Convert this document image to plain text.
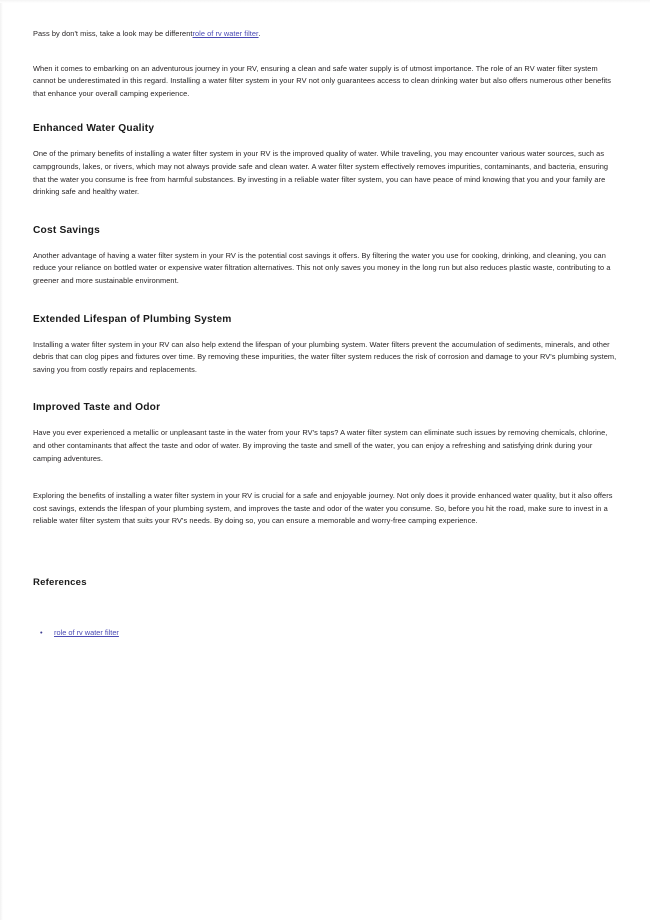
Pass by don't miss, take a look may be differentrole of rv water filter.

When it comes to embarking on an adventurous journey in your RV, ensuring a clean and safe water supply is of utmost importance. The role of an RV water filter system cannot be underestimated in this regard. Installing a water filter system in your RV not only guarantees access to clean drinking water but also offers numerous other benefits that enhance your overall camping experience.

Enhanced Water Quality

One of the primary benefits of installing a water filter system in your RV is the improved quality of water. While traveling, you may encounter various water sources, such as campgrounds, lakes, or rivers, which may not always provide safe and clean water. A water filter system effectively removes impurities, contaminants, and bacteria, ensuring that the water you consume is free from harmful substances. By investing in a reliable water filter system, you can have peace of mind knowing that you and your family are drinking safe and healthy water.

Cost Savings

Another advantage of having a water filter system in your RV is the potential cost savings it offers. By filtering the water you use for cooking, drinking, and cleaning, you can reduce your reliance on bottled water or expensive water filtration alternatives. This not only saves you money in the long run but also reduces plastic waste, contributing to a greener and more sustainable environment.

Extended Lifespan of Plumbing System

Installing a water filter system in your RV can also help extend the lifespan of your plumbing system. Water filters prevent the accumulation of sediments, minerals, and other debris that can clog pipes and fixtures over time. By removing these impurities, the water filter system reduces the risk of corrosion and damage to your RV's plumbing system, saving you from costly repairs and replacements.

Improved Taste and Odor

Have you ever experienced a metallic or unpleasant taste in the water from your RV's taps? A water filter system can eliminate such issues by removing chemicals, chlorine, and other contaminants that affect the taste and odor of water. By improving the taste and smell of the water, you can enjoy a refreshing and satisfying drink during your camping adventures.

Exploring the benefits of installing a water filter system in your RV is crucial for a safe and enjoyable journey. Not only does it provide enhanced water quality, but it also offers cost savings, extends the lifespan of your plumbing system, and improves the taste and odor of the water you consume. So, before you hit the road, make sure to invest in a reliable water filter system that suits your RV's needs. By doing so, you can ensure a memorable and worry-free camping experience.

References
• role of rv water filter
